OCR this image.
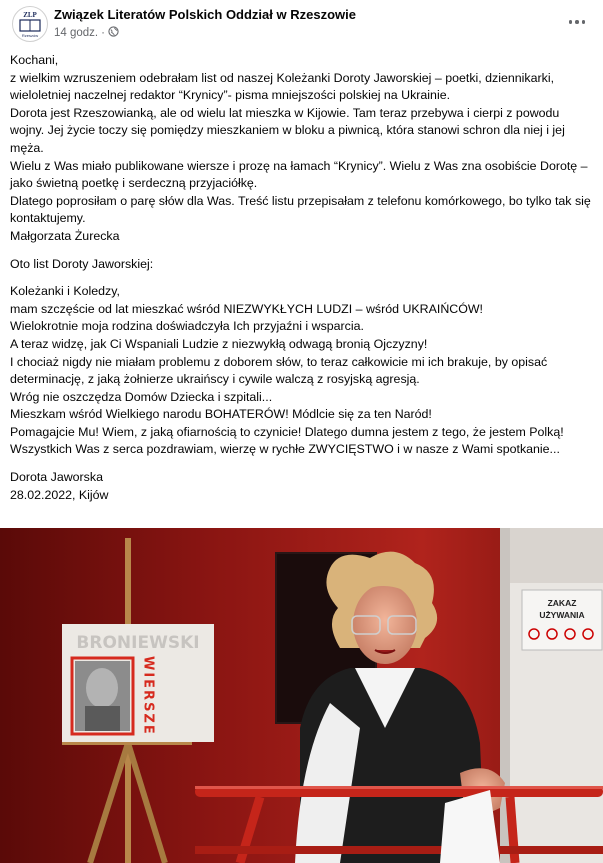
ZLP
Rzeszów
Związek Literatów Polskich Oddział w Rzeszowie
14 godz. ·

Kochani,
z wielkim wzruszeniem odebrałam list od naszej Koleżanki Doroty Jaworskiej – poetki, dziennikarki, wieloletniej naczelnej redaktor “Krynicy”- pisma mniejszości polskiej na Ukrainie.
Dorota jest Rzeszowianką, ale od wielu lat mieszka w Kijowie. Tam teraz przebywa i cierpi z powodu wojny. Jej życie toczy się pomiędzy mieszkaniem w bloku a piwnicą, która stanowi schron dla niej i jej męża.
Wielu z Was miało publikowane wiersze i prozę na łamach “Krynicy”. Wielu z Was zna osobiście Dorotę – jako świetną poetkę i serdeczną przyjaciółkę.
Dlatego poprosiłam o parę słów dla Was. Treść listu przepisałam z telefonu komórkowego, bo tylko tak się kontaktujemy.
Małgorzata Żurecka

Oto list Doroty Jaworskiej:

Koleżanki i Koledzy,
mam szczęście od lat mieszkać wśród NIEZWYKŁYCH LUDZI – wśród UKRAIŃCÓW!
Wielokrotnie moja rodzina doświadczyła Ich przyjaźni i wsparcia.
A teraz widzę, jak Ci Wspaniali Ludzie z niezwykłą odwagą bronią Ojczyzny!
I chociaż nigdy nie miałam problemu z doborem słów, to teraz całkowicie mi ich brakuje, by opisać determinację, z jaką żołnierze ukraińscy i cywile walczą z rosyjską agresją.
Wróg nie oszczędza Domów Dziecka i szpitali...
Mieszkam wśród Wielkiego narodu BOHATERÓW! Módlcie się za ten Naród!
Pomagajcie Mu! Wiem, z jaką ofiarnością to czynicie! Dlatego dumna jestem z tego, że jestem Polką!
Wszystkich Was z serca pozdrawiam, wierzę w rychłe ZWYCIĘSTWO i w nasze z Wami spotkanie...

Dorota Jaworska
28.02.2022, Kijów

ZAKAZ
UŻYWANIA
BRONIEWSKI
WIERSZE
